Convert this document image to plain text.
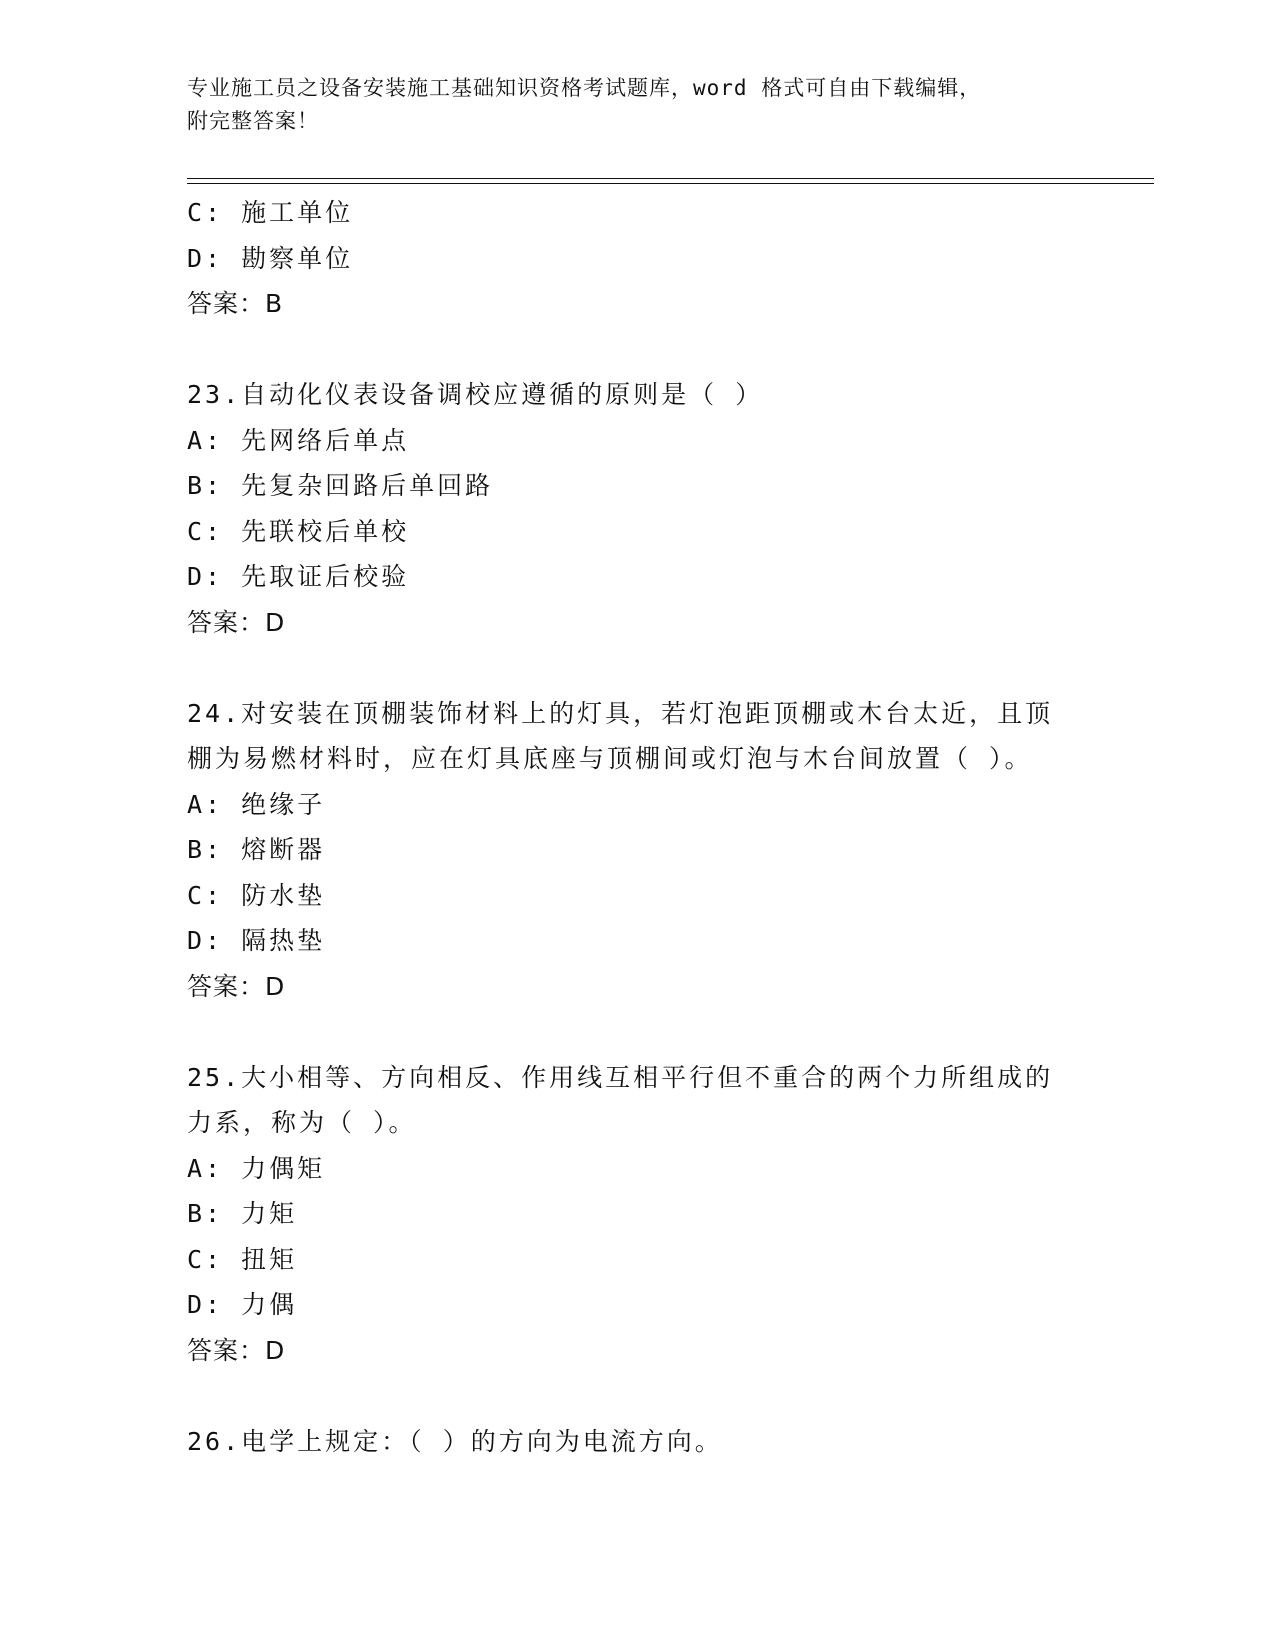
专业施工员之设备安装施工基础知识资格考试题库，word 格式可自由下载编辑，
附完整答案！
C: 施工单位
D: 勘察单位
答案：B
23.自动化仪表设备调校应遵循的原则是（ ）
A: 先网络后单点
B: 先复杂回路后单回路
C: 先联校后单校
D: 先取证后校验
答案：D
24.对安装在顶棚装饰材料上的灯具，若灯泡距顶棚或木台太近，且顶
棚为易燃材料时，应在灯具底座与顶棚间或灯泡与木台间放置（ ）。
A: 绝缘子
B: 熔断器
C: 防水垫
D: 隔热垫
答案：D
25.大小相等、方向相反、作用线互相平行但不重合的两个力所组成的
力系，称为（ ）。
A: 力偶矩
B: 力矩
C: 扭矩
D: 力偶
答案：D
26.电学上规定：（ ）的方向为电流方向。
